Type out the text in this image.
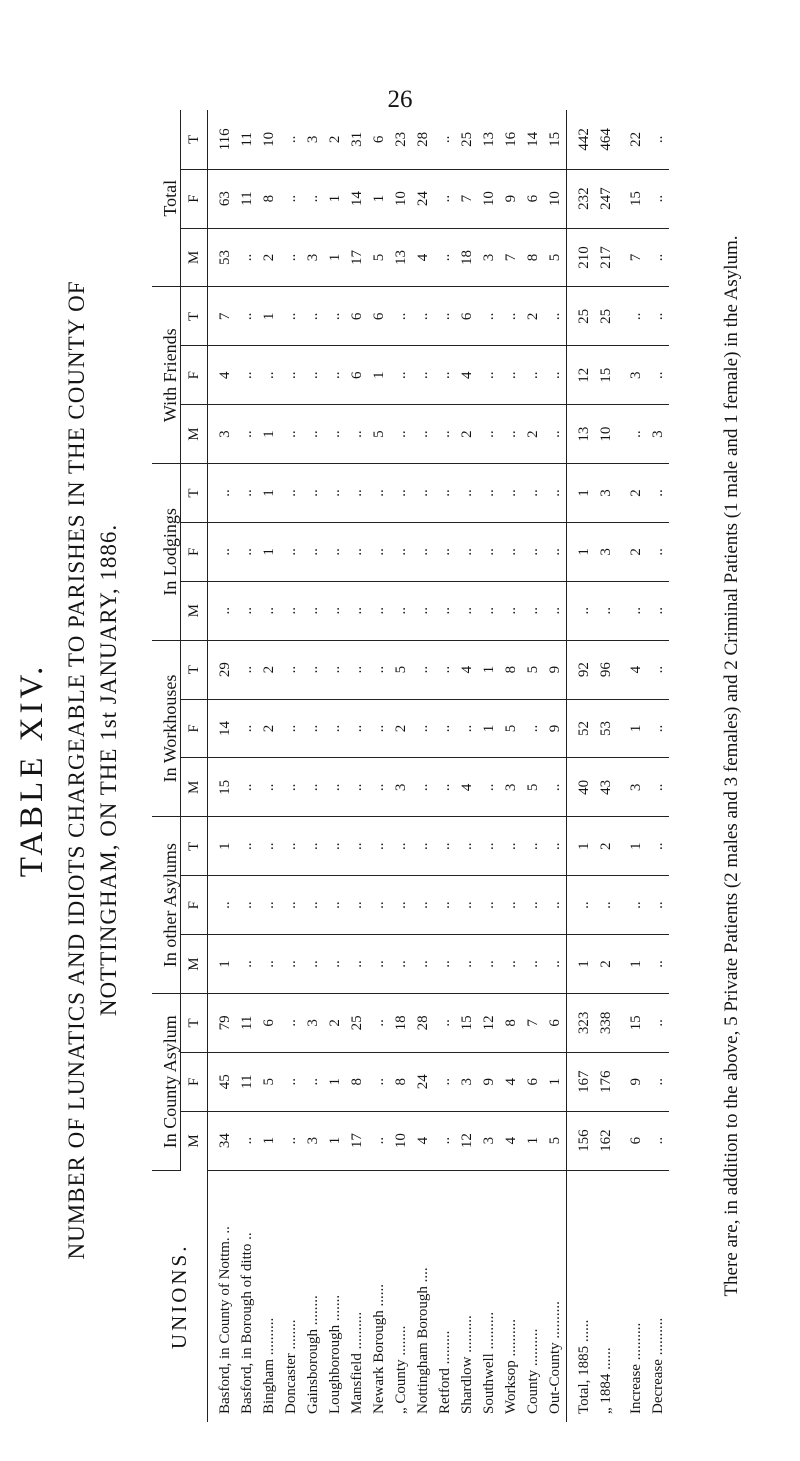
26
TABLE XIV. NUMBER OF LUNATICS AND IDIOTS CHARGEABLE TO PARISHES IN THE COUNTY OF NOTTINGHAM, ON THE 1st JANUARY, 1886.
UNIONS.	In County Asylum			In other Asylums			In Workhouses			In Lodgings			With Friends			Total		
	M	F	T	M	F	T	M	F	T	M	F	T	M	F	T	M	F	T
Basford, in County of Nottm. ..	34	45	79	1	..	1	15	14	29	..	..	..	3	4	7	53	63	116
Basford, in Borough of ditto ..	..	11	11	..	..	..	..	..	..	..	..	..	..	..	..	..	11	11
Bingham ..........	1	5	6	..	..	..	..	2	2	..	1	1	1	..	1	2	8	10
Doncaster ........	..	..	..	..	..	..	..	..	..	..	..	..	..	..	..	..	..	..
Gainsborough ........	3	..	3	..	..	..	..	..	..	..	..	..	..	..	..	3	..	3
Loughborough .......	1	1	2	..	..	..	..	..	..	..	..	..	..	..	..	1	1	2
Mansfield ..........	17	8	25	..	..	..	..	..	..	..	..	..	..	6	6	17	14	31
Newark Borough ......	..	..	..	..	..	..	..	..	..	..	..	..	5	1	6	5	1	6
„ County ........	10	8	18	..	..	..	3	2	5	..	..	..	..	..	..	13	10	23
Nottingham Borough ....	4	24	28	..	..	..	..	..	..	..	..	..	..	..	..	4	24	28
Retford .........	..	..	..	..	..	..	..	..	..	..	..	..	..	..	..	..	..	..
Shardlow ..........	12	3	15	..	..	..	4	..	4	..	..	..	2	4	6	18	7	25
Southwell ..........	3	9	12	..	..	..	..	1	1	..	..	..	..	..	..	3	10	13
Worksop ..........	4	4	8	..	..	..	3	5	8	..	..	..	..	..	..	7	9	16
County ..........	1	6	7	..	..	..	5	..	5	..	..	..	2	..	2	8	6	14
Out-County ..........	5	1	6	..	..	..	..	9	9	..	..	..	..	..	..	5	10	15
Total, 1885 ......	156	167	323	1	..	1	40	52	92	..	1	1	13	12	25	210	232	442
„ 1884 ......	162	176	338	2	..	2	43	53	96	..	3	3	10	15	25	217	247	464
Increase ..........	6	9	15	1	..	1	3	1	4	..	2	2	..	3	..	7	15	22
Decrease ..........	..	..	..	..	..	..	..	..	..	..	..	..	3	..	..	..	..	..
There are, in addition to the above, 5 Private Patients (2 males and 3 females) and 2 Criminal Patients (1 male and 1 female) in the Asylum.
